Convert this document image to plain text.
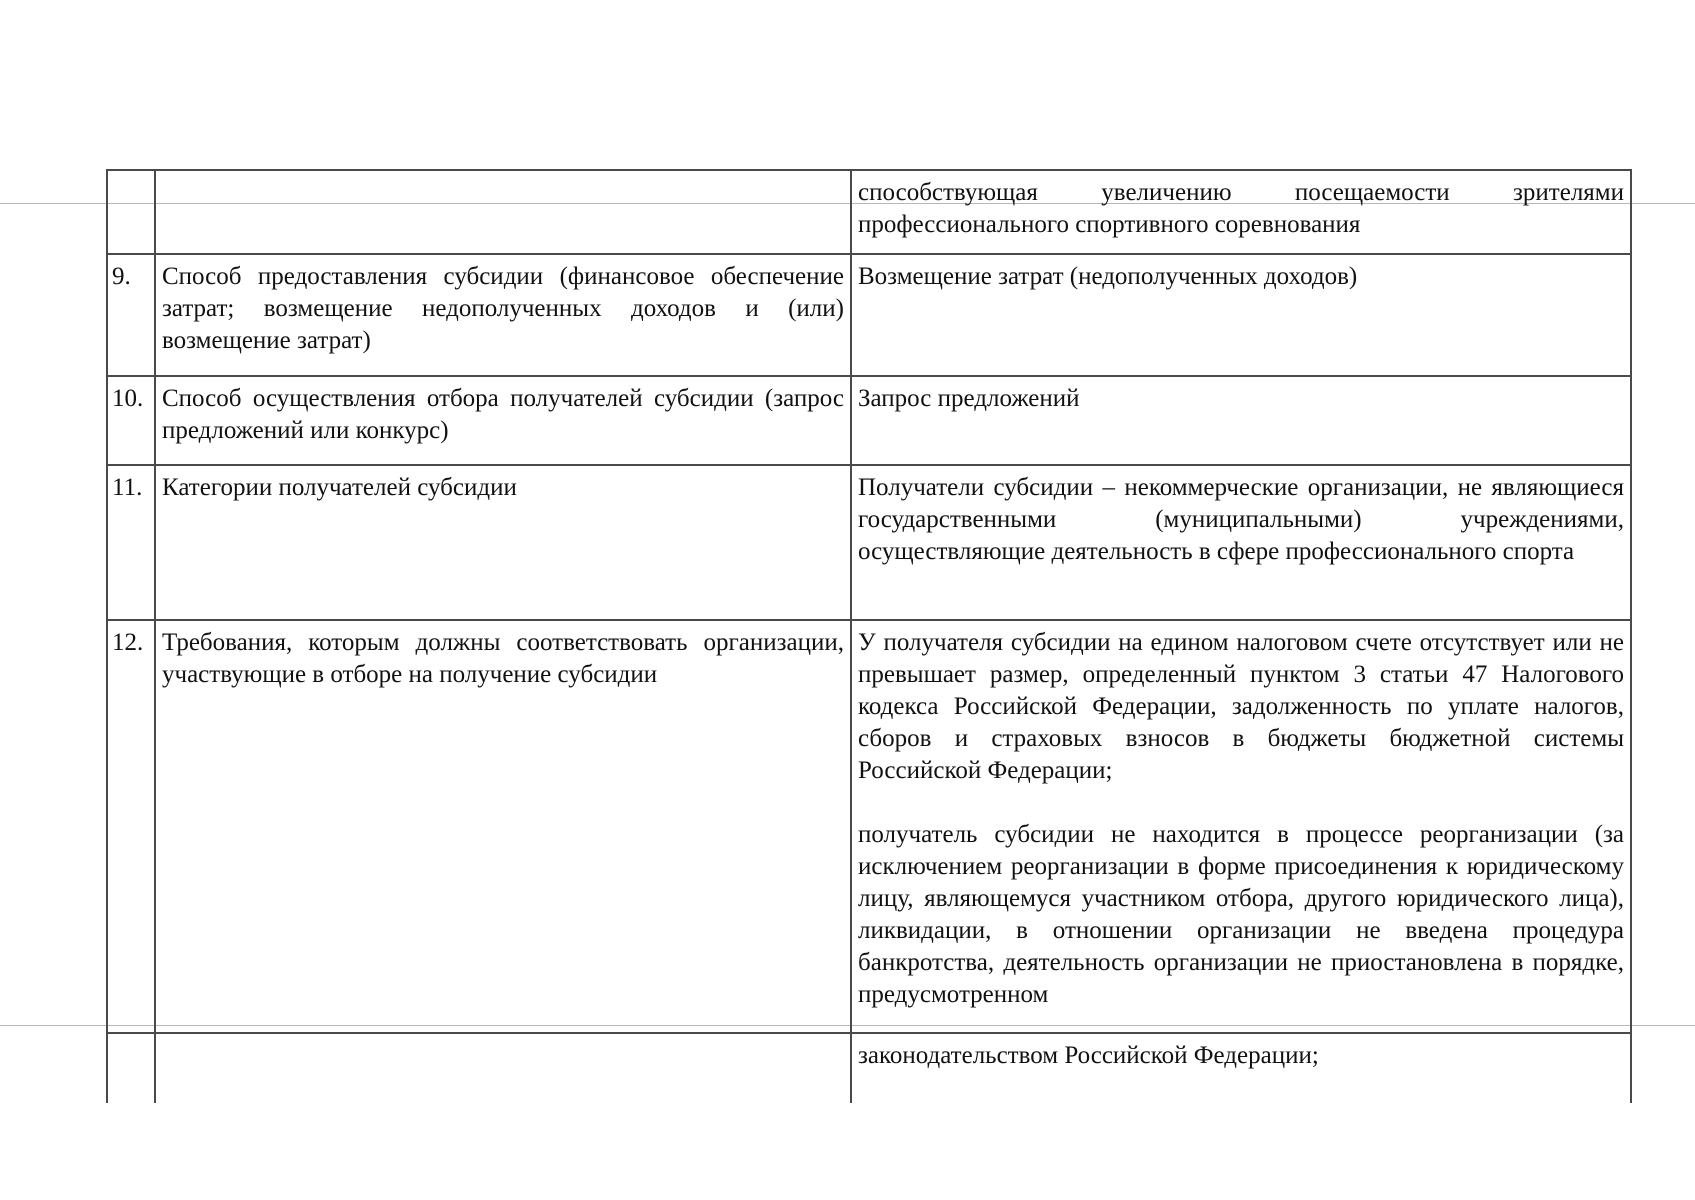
		способствующая увеличению посещаемости зрителями профессионального спортивного соревнования
9.	Способ предоставления субсидии (финансовое обеспечение затрат; возмещение недополученных доходов и (или) возмещение затрат)	Возмещение затрат (недополученных доходов)
10.	Способ осуществления отбора получателей субсидии (запрос предложений или конкурс)	Запрос предложений
11.	Категории получателей субсидии	Получатели субсидии – некоммерческие организации, не являющиеся государственными (муниципальными) учреждениями, осуществляющие деятельность в сфере профессионального спорта
12.	Требования, которым должны соответствовать организации, участвующие в отборе на получение субсидии	У получателя субсидии на едином налоговом счете отсутствует или не превышает размер, определенный пунктом 3 статьи 47 Налогового кодекса Российской Федерации, задолженность по уплате налогов, сборов и страховых взносов в бюджеты бюджетной системы Российской Федерации;
получатель субсидии не находится в процессе реорганизации (за исключением реорганизации в форме присоединения к юридическому лицу, являющемуся участником отбора, другого юридического лица), ликвидации, в отношении организации не введена процедура банкротства, деятельность организации не приостановлена в порядке, предусмотренном

		законодательством Российской Федерации;
